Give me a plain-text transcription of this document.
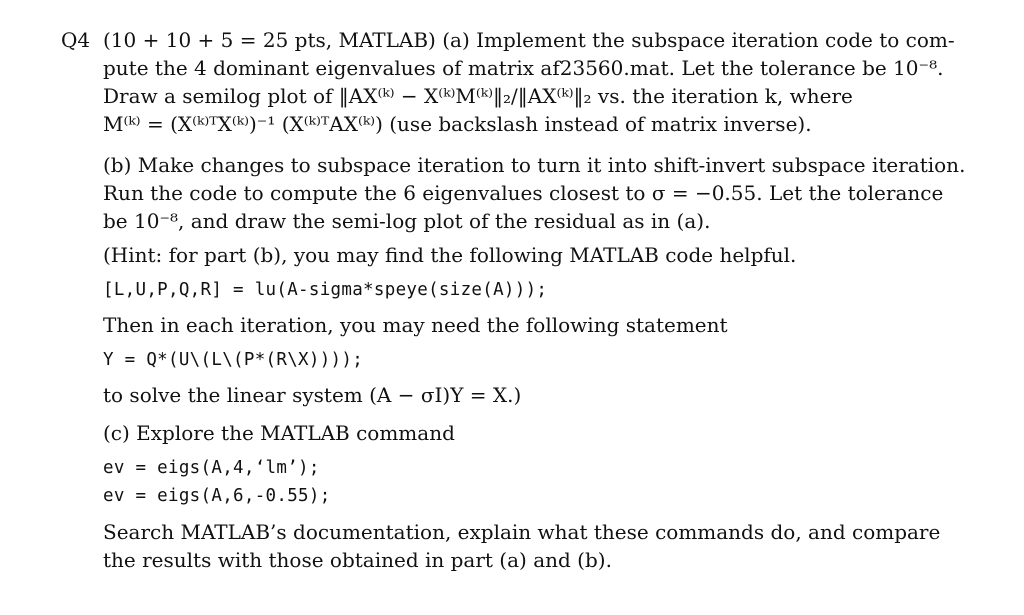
Q4 (10 + 10 + 5 = 25 pts, MATLAB) (a) Implement the subspace iteration code to com-
pute the 4 dominant eigenvalues of matrix af23560.mat. Let the tolerance be 10⁻⁸.
Draw a semilog plot of ‖AX⁽ᵏ⁾ − X⁽ᵏ⁾M⁽ᵏ⁾‖₂/‖AX⁽ᵏ⁾‖₂ vs. the iteration k, where
M⁽ᵏ⁾ = (X⁽ᵏ⁾ᵀX⁽ᵏ⁾)⁻¹ (X⁽ᵏ⁾ᵀAX⁽ᵏ⁾) (use backslash instead of matrix inverse).
(b) Make changes to subspace iteration to turn it into shift-invert subspace iteration.
Run the code to compute the 6 eigenvalues closest to σ = −0.55. Let the tolerance
be 10⁻⁸, and draw the semi-log plot of the residual as in (a).
(Hint: for part (b), you may find the following MATLAB code helpful.
[L,U,P,Q,R] = lu(A-sigma*speye(size(A)));
Then in each iteration, you may need the following statement
Y = Q*(U\(L\(P*(R\X))));
to solve the linear system (A − σI)Y = X.)
(c) Explore the MATLAB command
ev = eigs(A,4,‘lm’);
ev = eigs(A,6,-0.55);
Search MATLAB’s documentation, explain what these commands do, and compare
the results with those obtained in part (a) and (b).
